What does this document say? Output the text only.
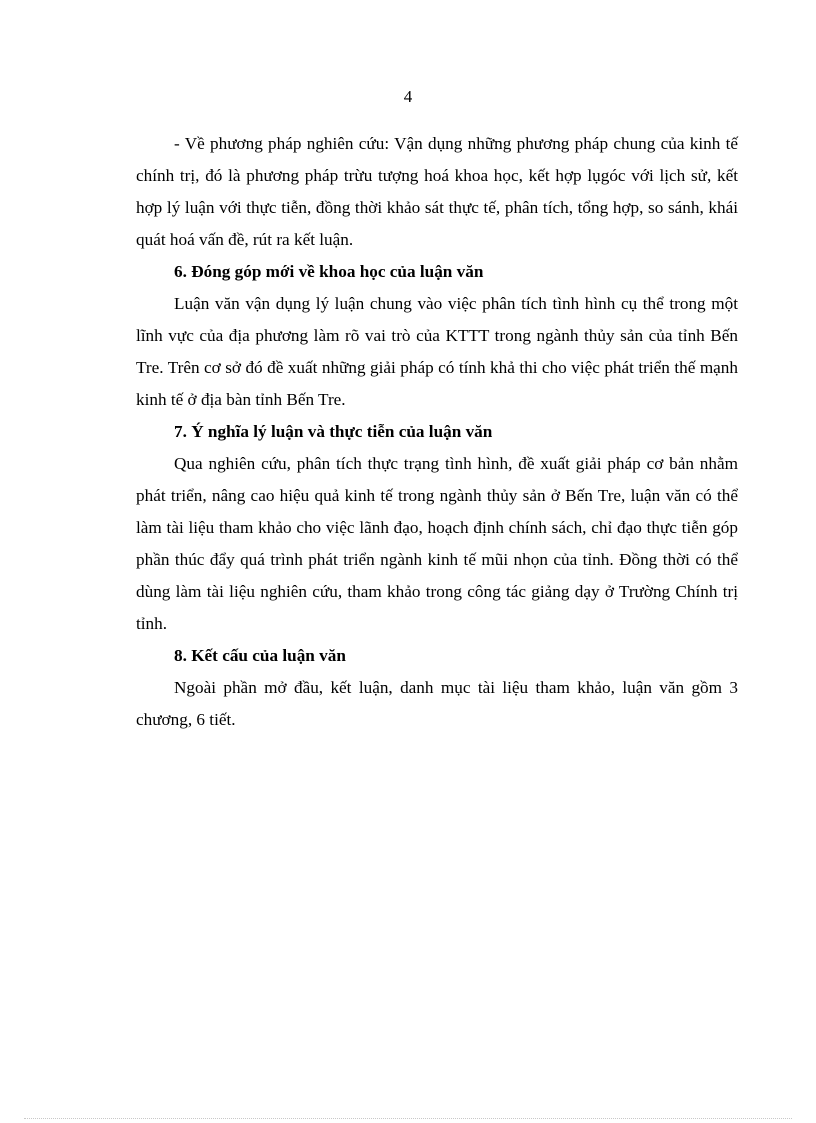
4

- Về phương pháp nghiên cứu: Vận dụng những phương pháp chung của kinh tế chính trị, đó là phương pháp trừu tượng hoá khoa học, kết hợp lụgóc với lịch sử, kết hợp lý luận với thực tiễn, đồng thời khảo sát thực tế, phân tích, tổng hợp, so sánh, khái quát hoá vấn đề, rút ra kết luận.

6. Đóng góp mới về khoa học của luận văn

Luận văn vận dụng lý luận chung vào việc phân tích tình hình cụ thể trong một lĩnh vực của địa phương làm rõ vai trò của KTTT trong ngành thủy sản của tỉnh Bến Tre. Trên cơ sở đó đề xuất những giải pháp có tính khả thi cho việc phát triển thế mạnh kinh tế ở địa bàn tỉnh Bến Tre.

7. Ý nghĩa lý luận và thực tiễn của luận văn

Qua nghiên cứu, phân tích thực trạng tình hình, đề xuất giải pháp cơ bản nhằm phát triển, nâng cao hiệu quả kinh tế trong ngành thủy sản ở Bến Tre, luận văn có thể làm tài liệu tham khảo cho việc lãnh đạo, hoạch định chính sách, chỉ đạo thực tiễn góp phần thúc đẩy quá trình phát triển ngành kinh tế mũi nhọn của tỉnh. Đồng thời có thể dùng làm tài liệu nghiên cứu, tham khảo trong công tác giảng dạy ở Trường Chính trị tỉnh.

8. Kết cấu của luận văn

Ngoài phần mở đầu, kết luận, danh mục tài liệu tham khảo, luận văn gồm 3 chương, 6 tiết.
